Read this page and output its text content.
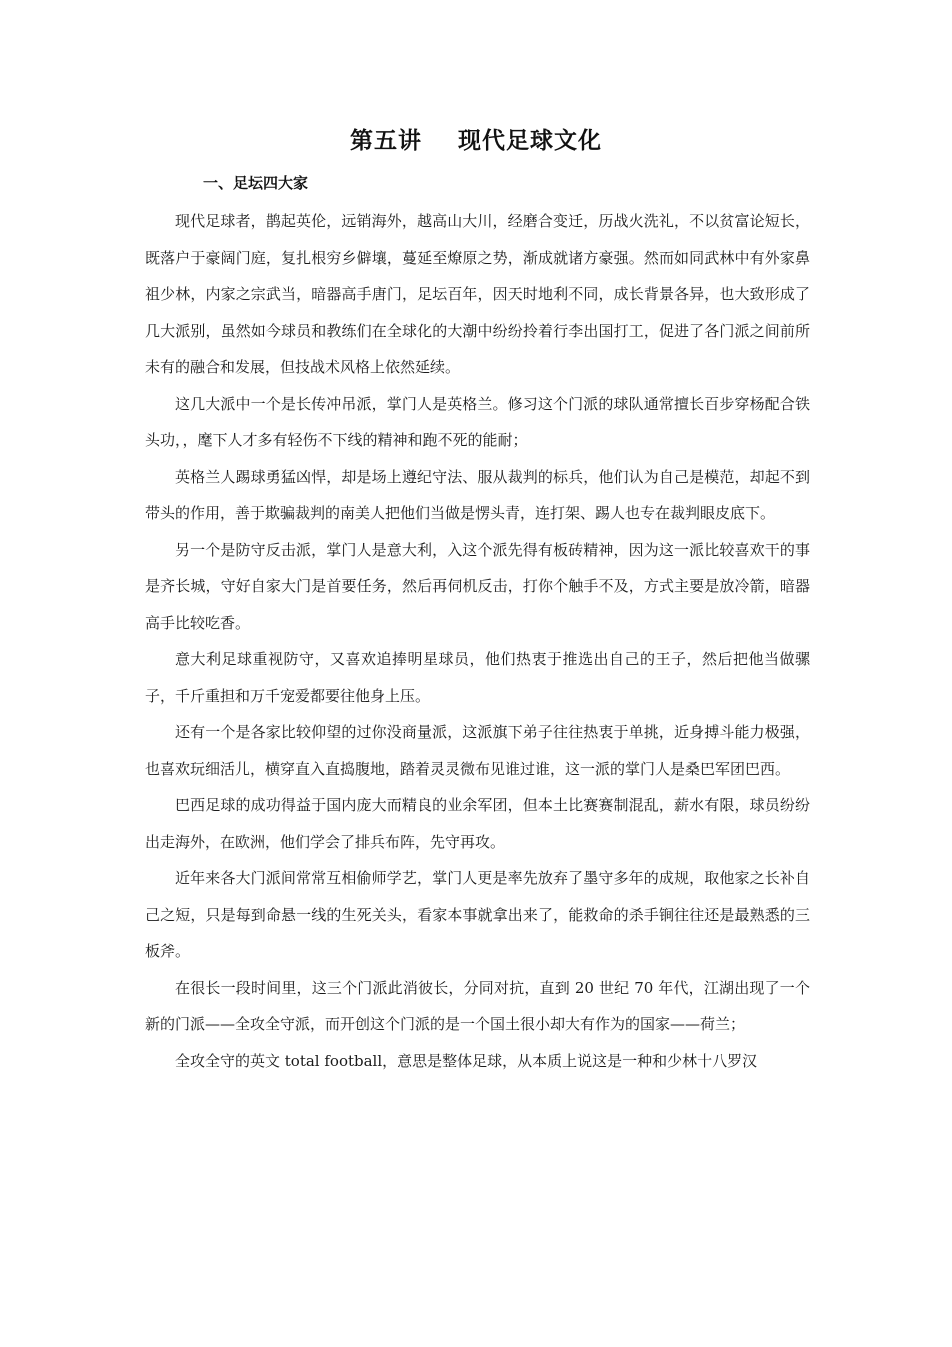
第五讲    现代足球文化
一、足坛四大家

现代足球者，鹊起英伦，远销海外，越高山大川，经磨合变迁，历战火洗礼，不以贫富论短长，既落户于豪阔门庭，复扎根穷乡僻壤，蔓延至燎原之势，渐成就诸方豪强。然而如同武林中有外家鼻祖少林，内家之宗武当，暗器高手唐门，足坛百年，因天时地利不同，成长背景各异，也大致形成了几大派别，虽然如今球员和教练们在全球化的大潮中纷纷拎着行李出国打工，促进了各门派之间前所未有的融合和发展，但技战术风格上依然延续。

这几大派中一个是长传冲吊派，掌门人是英格兰。修习这个门派的球队通常擅长百步穿杨配合铁头功，，麾下人才多有轻伤不下线的精神和跑不死的能耐；

英格兰人踢球勇猛凶悍，却是场上遵纪守法、服从裁判的标兵，他们认为自己是模范，却起不到带头的作用，善于欺骗裁判的南美人把他们当做是愣头青，连打架、踢人也专在裁判眼皮底下。

另一个是防守反击派，掌门人是意大利，入这个派先得有板砖精神，因为这一派比较喜欢干的事是齐长城，守好自家大门是首要任务，然后再伺机反击，打你个触手不及，方式主要是放冷箭，暗器高手比较吃香。

意大利足球重视防守，又喜欢追捧明星球员，他们热衷于推选出自己的王子，然后把他当做骡子，千斤重担和万千宠爱都要往他身上压。

还有一个是各家比较仰望的过你没商量派，这派旗下弟子往往热衷于单挑，近身搏斗能力极强，也喜欢玩细活儿，横穿直入直捣腹地，踏着灵灵微布见谁过谁，这一派的掌门人是桑巴军团巴西。

巴西足球的成功得益于国内庞大而精良的业余军团，但本土比赛赛制混乱，薪水有限，球员纷纷出走海外，在欧洲，他们学会了排兵布阵，先守再攻。

近年来各大门派间常常互相偷师学艺，掌门人更是率先放弃了墨守多年的成规，取他家之长补自己之短，只是每到命悬一线的生死关头，看家本事就拿出来了，能救命的杀手锏往往还是最熟悉的三板斧。

在很长一段时间里，这三个门派此消彼长，分同对抗，直到 20 世纪 70 年代，江湖出现了一个新的门派——全攻全守派，而开创这个门派的是一个国土很小却大有作为的国家——荷兰；

全攻全守的英文 total football，意思是整体足球，从本质上说这是一种和少林十八罗汉
